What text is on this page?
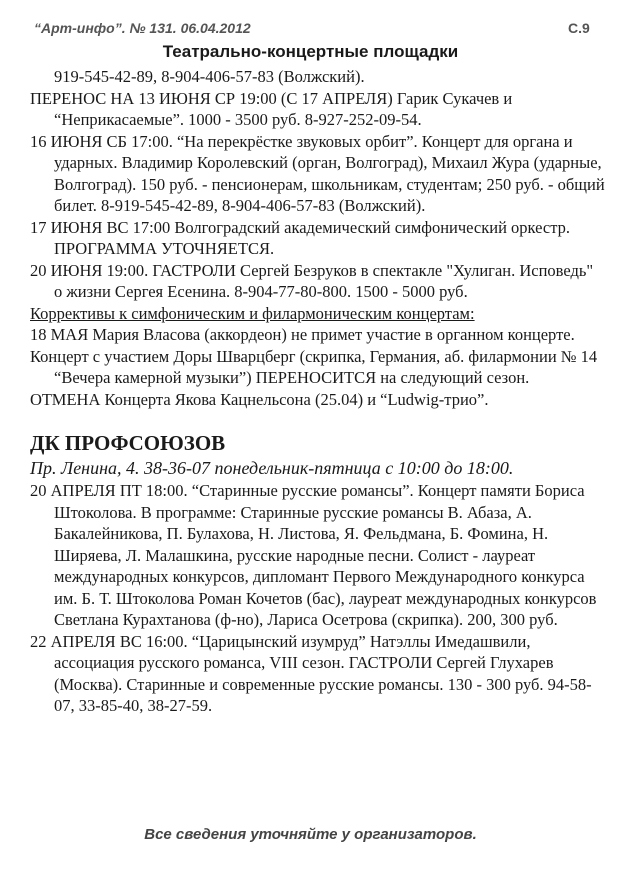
“Арт-инфо”. № 131. 06.04.2012	С.9
Театрально-концертные площадки

919-545-42-89, 8-904-406-57-83 (Волжский).

ПЕРЕНОС НА 13 ИЮНЯ СР 19:00 (С 17 АПРЕЛЯ) Гарик Сукачев и “Неприкасаемые”. 1000 - 3500 руб. 8-927-252-09-54.

16 ИЮНЯ СБ 17:00. “На перекрёстке звуковых орбит”. Концерт для органа и ударных. Владимир Королевский (орган, Волгоград), Михаил Жура (ударные, Волгоград). 150 руб. - пенсионерам, школьникам, студентам; 250 руб. - общий билет. 8-919-545-42-89, 8-904-406-57-83 (Волжский).

17 ИЮНЯ ВС 17:00 Волгоградский академический симфонический оркестр. ПРОГРАММА УТОЧНЯЕТСЯ.

20 ИЮНЯ 19:00. ГАСТРОЛИ Сергей Безруков в спектакле "Хулиган. Исповедь" о жизни Сергея Есенина. 8-904-77-80-800. 1500 - 5000 руб.

Коррективы к симфоническим и филармоническим концертам:

18 МАЯ Мария Власова (аккордеон) не примет участие в органном концерте.

Концерт с участием Доры Шварцберг (скрипка, Германия, аб. филармонии № 14 “Вечера камерной музыки”) ПЕРЕНОСИТСЯ на следующий сезон.

ОТМЕНА Концерта Якова Кацнельсона (25.04) и “Ludwig-трио”.

ДК ПРОФСОЮЗОВ
Пр. Ленина, 4. 38-36-07 понедельник-пятница с 10:00 до 18:00.

20 АПРЕЛЯ ПТ 18:00. “Старинные русские романсы”. Концерт памяти Бориса Штоколова. В программе: Старинные русские романсы В. Абаза, А. Бакалейникова, П. Булахова, Н. Листова, Я. Фельдмана, Б. Фомина, Н. Ширяева, Л. Малашкина, русские народные песни. Солист - лауреат международных конкурсов, дипломант Первого Международного конкурса им. Б. Т. Штоколова Роман Кочетов (бас), лауреат международных конкурсов Светлана Курахтанова (ф-но), Лариса Осетрова (скрипка). 200, 300 руб.

22 АПРЕЛЯ ВС 16:00. “Царицынский изумруд” Натэллы Имедашвили, ассоциация русского романса, VIII сезон. ГАСТРОЛИ Сергей Глухарев (Москва). Старинные и современные русские романсы. 130 - 300 руб. 94-58-07, 33-85-40, 38-27-59.

Все сведения уточняйте у организаторов.
